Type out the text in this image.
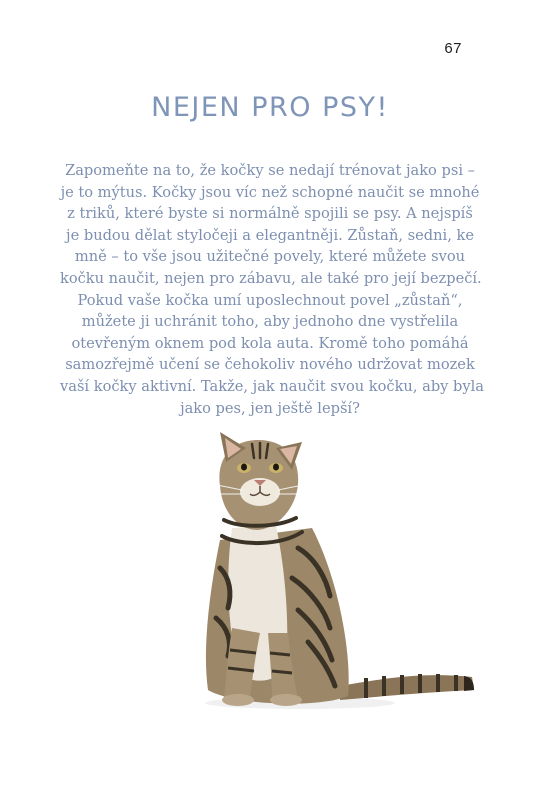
67
NEJEN PRO PSY!
Zapomeňte na to, že kočky se nedají trénovat jako psi –
je to mýtus. Kočky jsou víc než schopné naučit se mnohé
z triků, které byste si normálně spojili se psy. A nejspíš
je budou dělat styločeji a elegantněji. Zůstaň, sedni, ke
mně – to vše jsou užitečné povely, které můžete svou
kočku naučit, nejen pro zábavu, ale také pro její bezpečí.
Pokud vaše kočka umí uposlechnout povel „zůstaň“,
můžete ji uchránit toho, aby jednoho dne vystřelila
otevřeným oknem pod kola auta. Kromě toho pomáhá
samozřejmě učení se čehokoliv nového udržovat mozek
vaší kočky aktivní. Takže, jak naučit svou kočku, aby byla
jako pes, jen ještě lepší?
